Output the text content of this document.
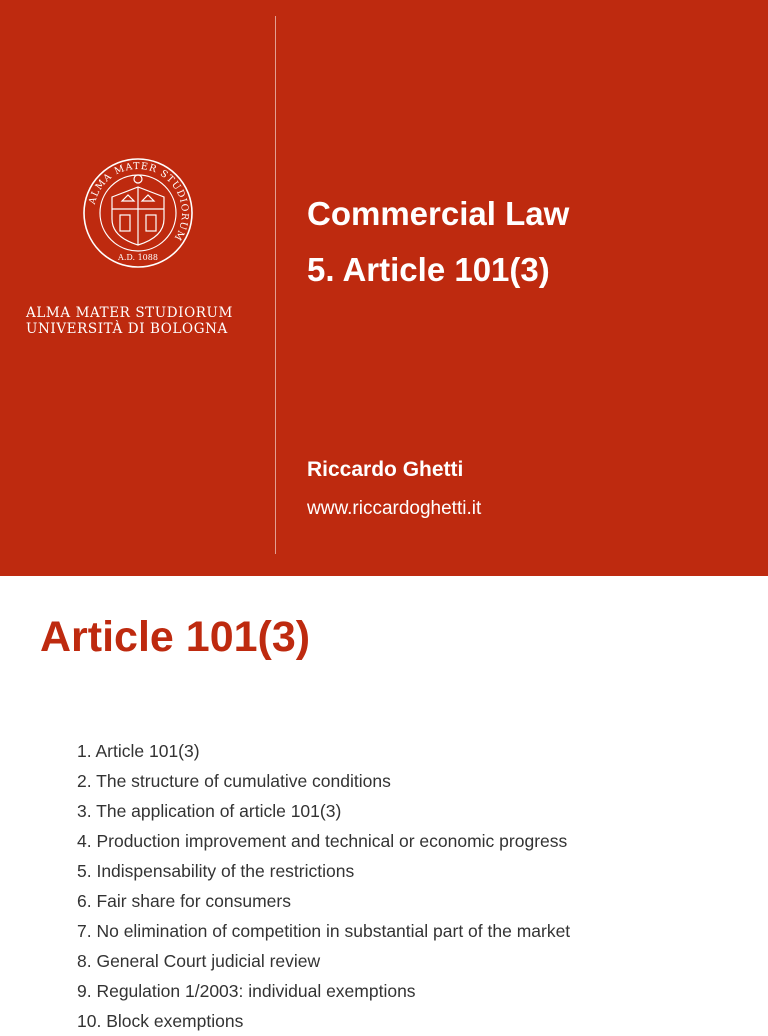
ALMA MATER STUDIORUM
A.D. 1088
ALMA MATER STUDIORUM
UNIVERSITÀ DI BOLOGNA
Commercial Law
5. Article 101(3)
Riccardo Ghetti
www.riccardoghetti.it
Article 101(3)
1. Article 101(3)
2. The structure of cumulative conditions
3. The application of article 101(3)
4. Production improvement and technical or economic progress
5. Indispensability of the restrictions
6. Fair share for consumers
7. No elimination of competition in substantial part of the market
8. General Court judicial review
9. Regulation 1/2003: individual exemptions
10. Block exemptions
